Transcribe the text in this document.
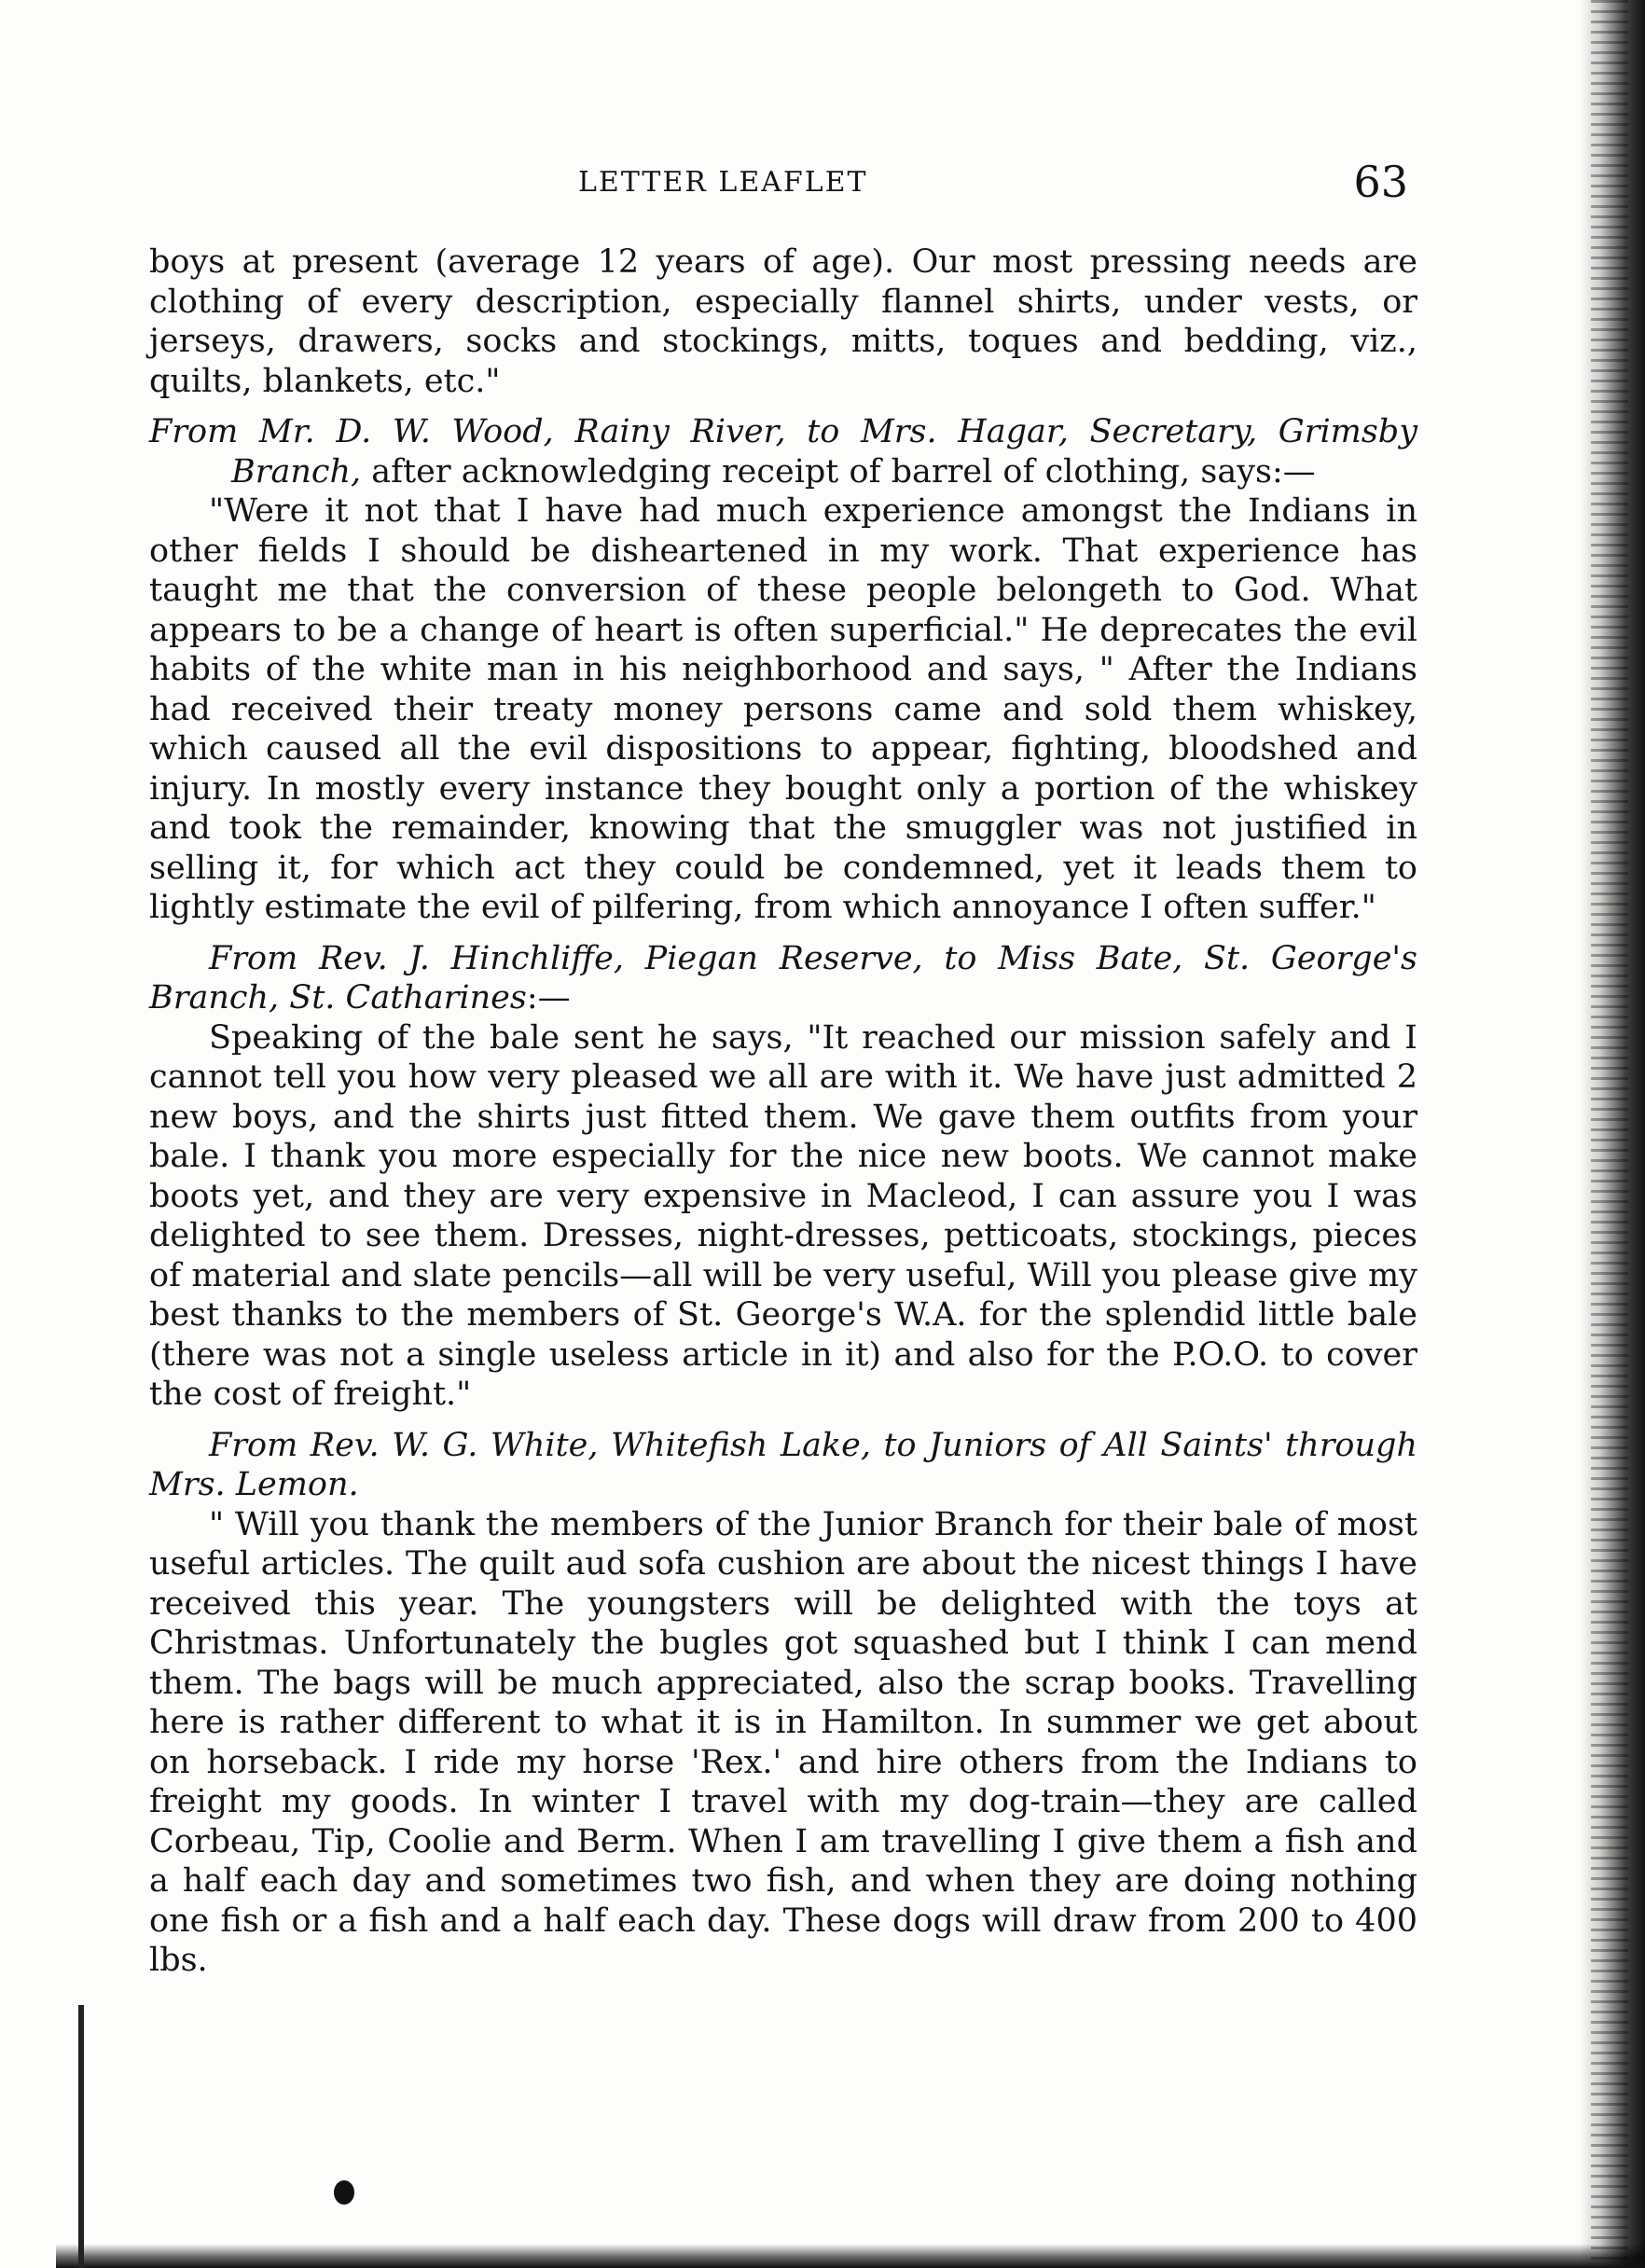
LETTER LEAFLET	63

boys at present (average 12 years of age). Our most pressing needs are clothing of every description, especially flannel shirts, under vests, or jerseys, drawers, socks and stockings, mitts, toques and bedding, viz., quilts, blankets, etc."

From Mr. D. W. Wood, Rainy River, to Mrs. Hagar, Secretary, Grimsby Branch, after acknowledging receipt of barrel of clothing, says:—

"Were it not that I have had much experience amongst the Indians in other fields I should be disheartened in my work. That experience has taught me that the conversion of these people belongeth to God. What appears to be a change of heart is often superficial." He deprecates the evil habits of the white man in his neighborhood and says, " After the Indians had received their treaty money persons came and sold them whiskey, which caused all the evil dispositions to appear, fighting, bloodshed and injury. In mostly every instance they bought only a portion of the whiskey and took the remainder, knowing that the smuggler was not justified in selling it, for which act they could be condemned, yet it leads them to lightly estimate the evil of pilfering, from which annoyance I often suffer."

From Rev. J. Hinchliffe, Piegan Reserve, to Miss Bate, St. George's Branch, St. Catharines:—

Speaking of the bale sent he says, "It reached our mission safely and I cannot tell you how very pleased we all are with it. We have just admitted 2 new boys, and the shirts just fitted them. We gave them outfits from your bale. I thank you more especially for the nice new boots. We cannot make boots yet, and they are very expensive in Macleod, I can assure you I was delighted to see them. Dresses, night-dresses, petticoats, stockings, pieces of material and slate pencils—all will be very useful, Will you please give my best thanks to the members of St. George's W.A. for the splendid little bale (there was not a single useless article in it) and also for the P.O.O. to cover the cost of freight."

From Rev. W. G. White, Whitefish Lake, to Juniors of All Saints' through Mrs. Lemon.

" Will you thank the members of the Junior Branch for their bale of most useful articles. The quilt aud sofa cushion are about the nicest things I have received this year. The youngsters will be delighted with the toys at Christmas. Unfortunately the bugles got squashed but I think I can mend them. The bags will be much appreciated, also the scrap books. Travelling here is rather different to what it is in Hamilton. In summer we get about on horseback. I ride my horse 'Rex.' and hire others from the Indians to freight my goods. In winter I travel with my dog-train—they are called Corbeau, Tip, Coolie and Berm. When I am travelling I give them a fish and a half each day and sometimes two fish, and when they are doing nothing one fish or a fish and a half each day. These dogs will draw from 200 to 400 lbs.
